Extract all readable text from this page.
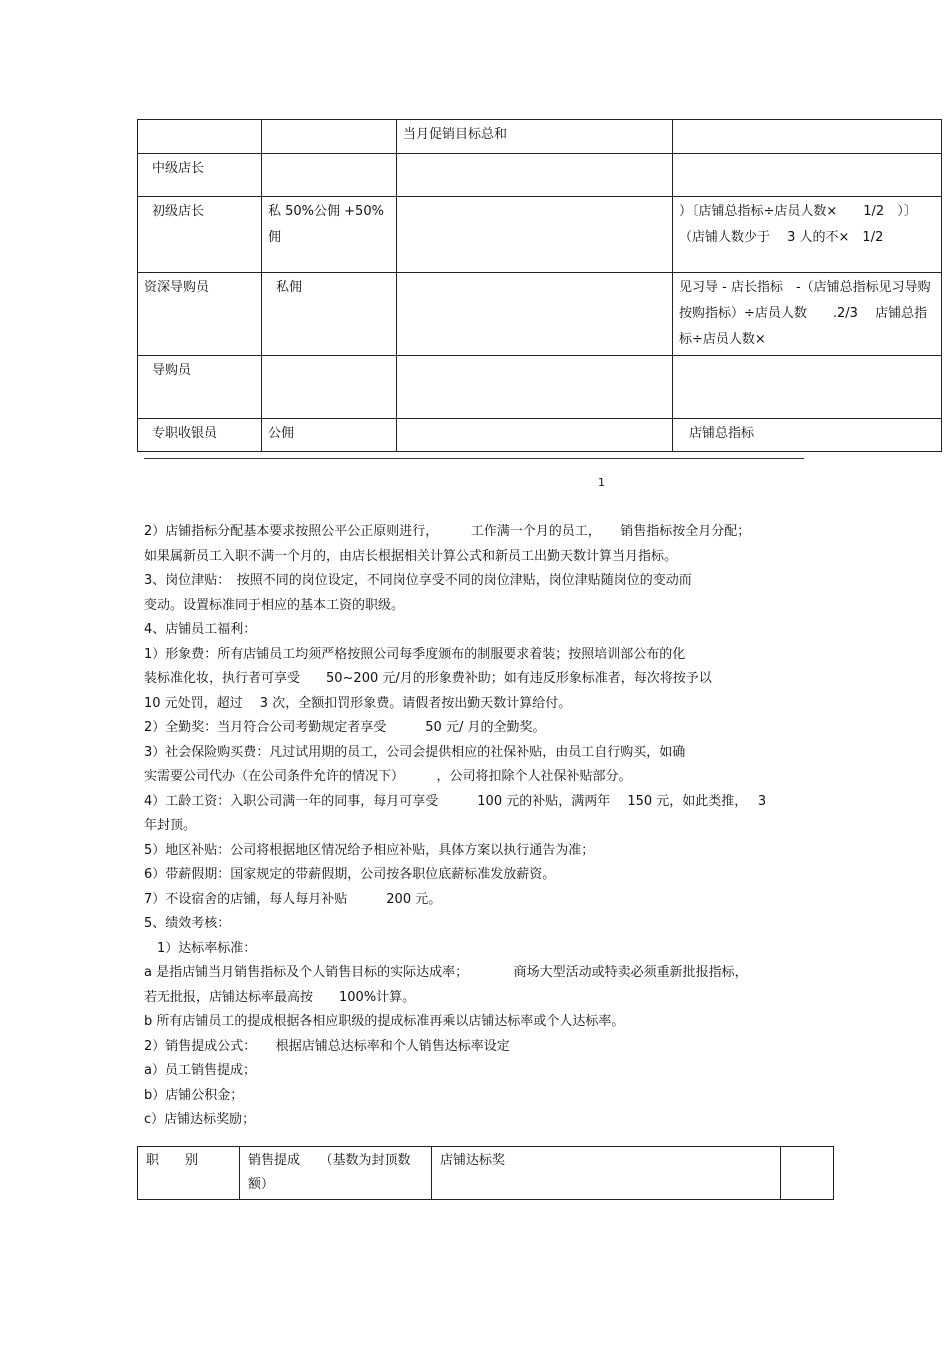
		当月促销目标总和	
中级店长			
初级店长	私 50%公佣 +50%佣		）〔店铺总指标÷店员人数×　　1/2　）〕（店铺人数少于　 3 人的不×　1/2
资深导购员	私佣		见习导 - 店长指标　-（店铺总指标见习导购按购指标）÷店员人数　　.2/3　 店铺总指标÷店员人数×
导购员			
专职收银员	公佣		店铺总指标
1
2）店铺指标分配基本要求按照公平公正原则进行，　　　工作满一个月的员工，　　销售指标按全月分配；
如果属新员工入职不满一个月的，由店长根据相关计算公式和新员工出勤天数计算当月指标。
3、岗位津贴：　按照不同的岗位设定，不同岗位享受不同的岗位津贴，岗位津贴随岗位的变动而
变动。设置标准同于相应的基本工资的职级。
4、店铺员工福利：
1）形象费：所有店铺员工均须严格按照公司每季度颁布的制服要求着装；按照培训部公布的化
装标准化妆，执行者可享受　　50~200 元/月的形象费补助；如有违反形象标准者，每次将按予以
10 元处罚，超过　 3 次，全额扣罚形象费。请假者按出勤天数计算给付。
2）全勤奖：当月符合公司考勤规定者享受　　　50 元/ 月的全勤奖。
3）社会保险购买费：凡过试用期的员工，公司会提供相应的社保补贴，由员工自行购买，如确
实需要公司代办（在公司条件允许的情况下）　　　，公司将扣除个人社保补贴部分。
4）工龄工资：入职公司满一年的同事，每月可享受　　　100 元的补贴，满两年　 150 元，如此类推，　 3
年封顶。
5）地区补贴：公司将根据地区情况给予相应补贴，具体方案以执行通告为准；
6）带薪假期：国家规定的带薪假期，公司按各职位底薪标准发放薪资。
7）不设宿舍的店铺，每人每月补贴　　　200 元。
5、绩效考核：
　1）达标率标准：
a 是指店铺当月销售指标及个人销售目标的实际达成率；　　　　商场大型活动或特卖必须重新批报指标，
若无批报，店铺达标率最高按　　100%计算。
b 所有店铺员工的提成根据各相应职级的提成标准再乘以店铺达标率或个人达标率。
2）销售提成公式：　　根据店铺总达标率和个人销售达标率设定
a）员工销售提成；
b）店铺公积金；
c）店铺达标奖励；
职　　别	销售提成　　（基数为封顶数额）	店铺达标奖	
